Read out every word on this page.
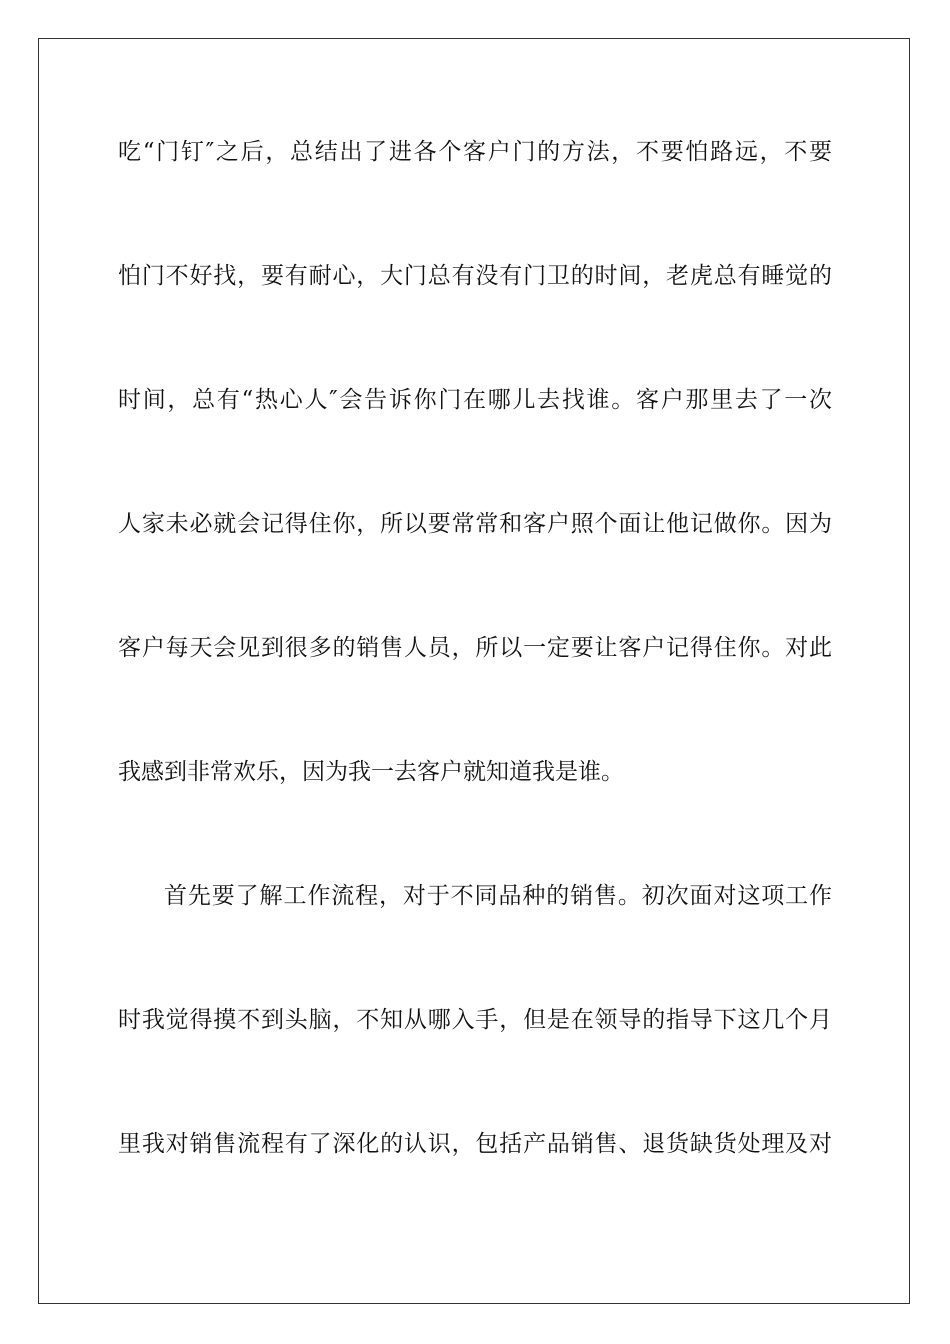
吃“门钉″之后，总结出了进各个客户门的方法，不要怕路远，不要
怕门不好找，要有耐心，大门总有没有门卫的时间，老虎总有睡觉的
时间，总有“热心人″会告诉你门在哪儿去找谁。客户那里去了一次
人家未必就会记得住你，所以要常常和客户照个面让他记做你。因为
客户每天会见到很多的销售人员，所以一定要让客户记得住你。对此
我感到非常欢乐，因为我一去客户就知道我是谁。
首先要了解工作流程，对于不同品种的销售。初次面对这项工作
时我觉得摸不到头脑，不知从哪入手，但是在领导的指导下这几个月
里我对销售流程有了深化的认识，包括产品销售、退货缺货处理及对
